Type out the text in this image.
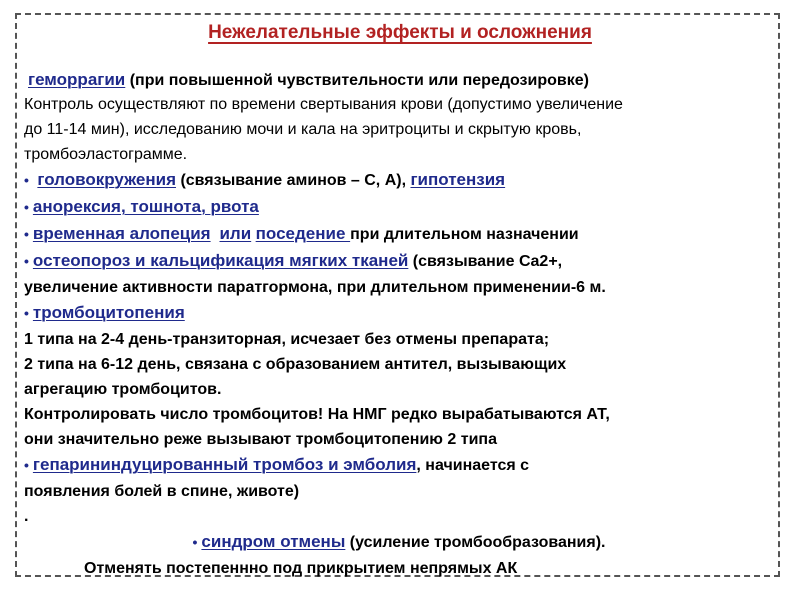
Нежелательные эффекты и осложнения
геморрагии (при повышенной чувствительности или передозировке)
Контроль осуществляют по времени свертывания крови (допустимо увеличение
до 11-14 мин), исследованию мочи и кала на эритроциты и скрытую кровь,
тромбоэластограмме.
• головокружения (связывание аминов – С, А), гипотензия
• анорексия, тошнота, рвота
• временная алопеция или поседение при длительном назначении
• остеопороз и кальцификация мягких тканей (связывание Ca2+,
увеличение активности паратгормона, при длительном применении-6 м.
• тромбоцитопения
1 типа на 2-4 день-транзиторная, исчезает без отмены препарата;
2 типа на 6-12 день, связана с образованием антител, вызывающих
агрегацию тромбоцитов.
Контролировать число тромбоцитов! На НМГ редко вырабатываются АТ,
они значительно реже вызывают тромбоцитопению 2 типа
• гепарининдуцированный тромбоз и эмболия, начинается с
появления болей в спине, животе)
.
• синдром отмены (усиление тромбообразования).
Отменять постепеннно под прикрытием непрямых АК
